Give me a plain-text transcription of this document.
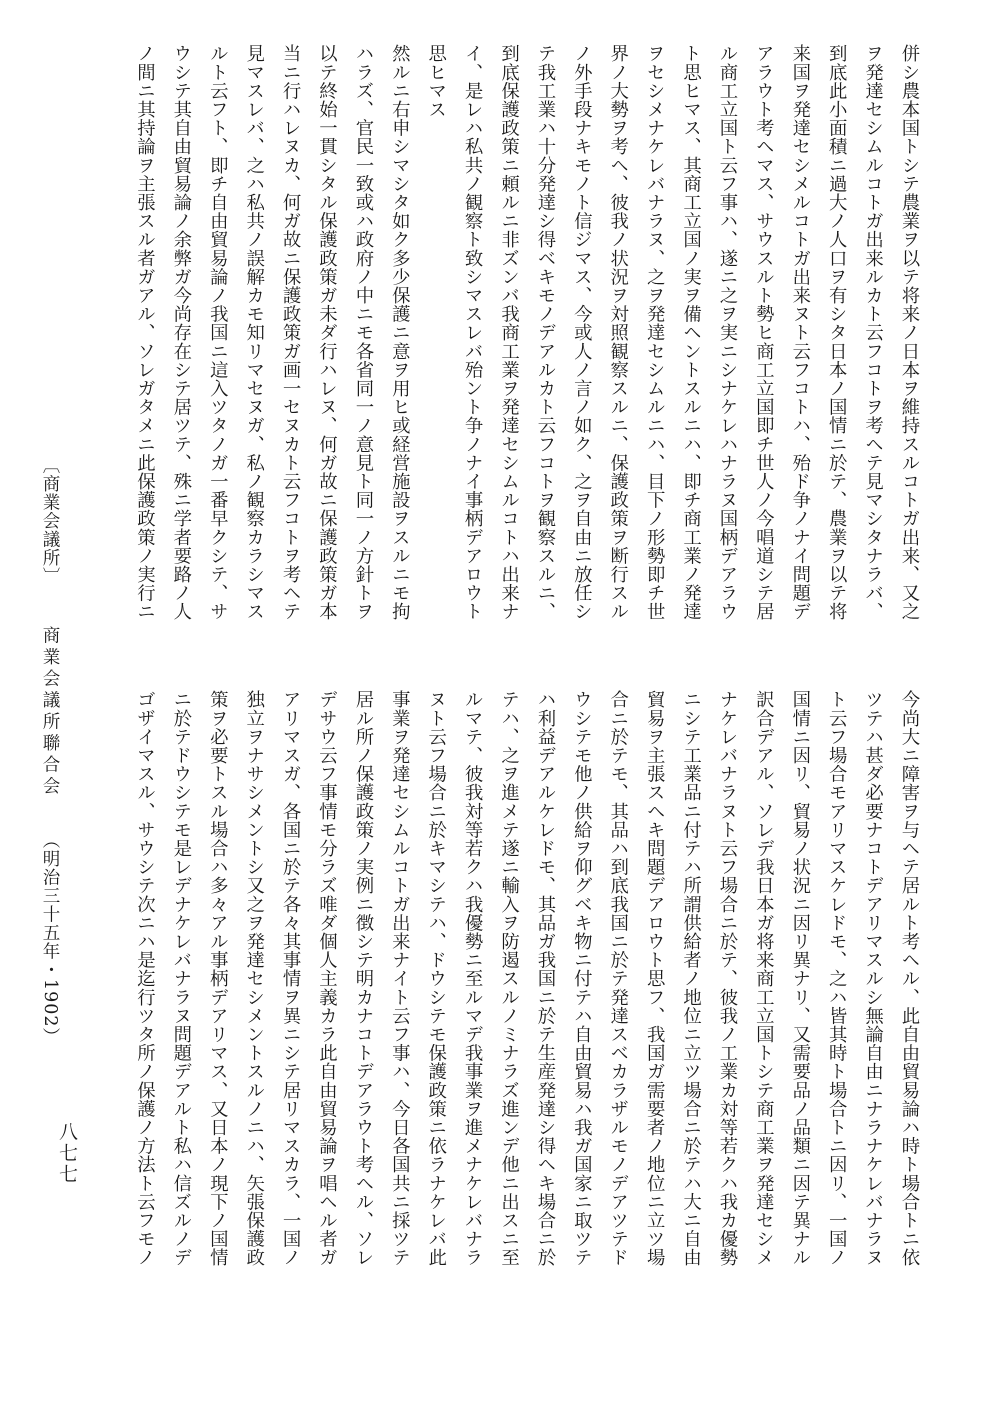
併シ農本国トシテ農業ヲ以テ将来ノ日本ヲ維持スルコトガ出来、又之
ヲ発達セシムルコトガ出来ルカト云フコトヲ考ヘテ見マシタナラバ、
到底此小面積ニ過大ノ人口ヲ有シタ日本ノ国情ニ於テ、農業ヲ以テ将
来国ヲ発達セシメルコトガ出来ヌト云フコトハ、殆ド争ノナイ問題デ
アラウト考ヘマス、サウスルト勢ヒ商工立国即チ世人ノ今唱道シテ居
ル商工立国ト云フ事ハ、遂ニ之ヲ実ニシナケレハナラヌ国柄デアラウ
ト思ヒマス、其商工立国ノ実ヲ備ヘントスルニハ、即チ商工業ノ発達
ヲセシメナケレバナラヌ、之ヲ発達セシムルニハ、目下ノ形勢即チ世
界ノ大勢ヲ考ヘ、彼我ノ状況ヲ対照観察スルニ、保護政策ヲ断行スル
ノ外手段ナキモノト信ジマス、今或人ノ言ノ如ク、之ヲ自由ニ放任シ
テ我工業ハ十分発達シ得ベキモノデアルカト云フコトヲ観察スルニ、
到底保護政策ニ頼ルニ非ズンバ我商工業ヲ発達セシムルコトハ出来ナ
イ、是レハ私共ノ観察ト致シマスレバ殆ント争ノナイ事柄デアロウト
思ヒマス
然ルニ右申シマシタ如ク多少保護ニ意ヲ用ヒ或経営施設ヲスルニモ拘
ハラズ、官民一致或ハ政府ノ中ニモ各省同一ノ意見ト同一ノ方針トヲ
以テ終始一貫シタル保護政策ガ未ダ行ハレヌ、何ガ故ニ保護政策ガ本
当ニ行ハレヌカ、何ガ故ニ保護政策ガ画一セヌカト云フコトヲ考ヘテ
見マスレバ、之ハ私共ノ誤解カモ知リマセヌガ、私ノ観察カラシマス
ルト云フト、即チ自由貿易論ノ我国ニ這入ツタノガ一番早クシテ、サ
ウシテ其自由貿易論ノ余弊ガ今尚存在シテ居ツテ、殊ニ学者要路ノ人
ノ間ニ其持論ヲ主張スル者ガアル、ソレガタメニ此保護政策ノ実行ニ
今尚大ニ障害ヲ与ヘテ居ルト考ヘル、此自由貿易論ハ時ト場合トニ依
ツテハ甚ダ必要ナコトデアリマスルシ無論自由ニナラナケレバナラヌ
ト云フ場合モアリマスケレドモ、之ハ皆其時ト場合トニ因リ、一国ノ
国情ニ因リ、貿易ノ状況ニ因リ異ナリ、又需要品ノ品類ニ因テ異ナル
訳合デアル、ソレデ我日本ガ将来商工立国トシテ商工業ヲ発達セシメ
ナケレバナラヌト云フ場合ニ於テ、彼我ノ工業カ対等若クハ我カ優勢
ニシテ工業品ニ付テハ所謂供給者ノ地位ニ立ツ場合ニ於テハ大ニ自由
貿易ヲ主張スヘキ問題デアロウト思フ、我国ガ需要者ノ地位ニ立ツ場
合ニ於テモ、其品ハ到底我国ニ於テ発達スベカラザルモノデアツテド
ウシテモ他ノ供給ヲ仰グベキ物ニ付テハ自由貿易ハ我ガ国家ニ取ツテ
ハ利益デアルケレドモ、其品ガ我国ニ於テ生産発達シ得ヘキ場合ニ於
テハ、之ヲ進メテ遂ニ輸入ヲ防遏スルノミナラズ進ンデ他ニ出スニ至
ルマテ、彼我対等若クハ我優勢ニ至ルマデ我事業ヲ進メナケレバナラ
ヌト云フ場合ニ於キマシテハ、ドウシテモ保護政策ニ依ラナケレバ此
事業ヲ発達セシムルコトガ出来ナイト云フ事ハ、今日各国共ニ採ツテ
居ル所ノ保護政策ノ実例ニ徴シテ明カナコトデアラウト考ヘル、ソレ
デサウ云フ事情モ分ラズ唯ダ個人主義カラ此自由貿易論ヲ唱ヘル者ガ
アリマスガ、各国ニ於テ各々其事情ヲ異ニシテ居リマスカラ、一国ノ
独立ヲナサシメントシ又之ヲ発達セシメントスルノニハ、矢張保護政
策ヲ必要トスル場合ハ多々アル事柄デアリマス、又日本ノ現下ノ国情
ニ於テドウシテモ是レデナケレバナラヌ問題デアルト私ハ信ズルノデ
ゴザイマスル、サウシテ次ニハ是迄行ツタ所ノ保護ノ方法ト云フモノ
〔商業会議所〕 商業会議所聯合会 （明治三十五年・1902）
八七七
